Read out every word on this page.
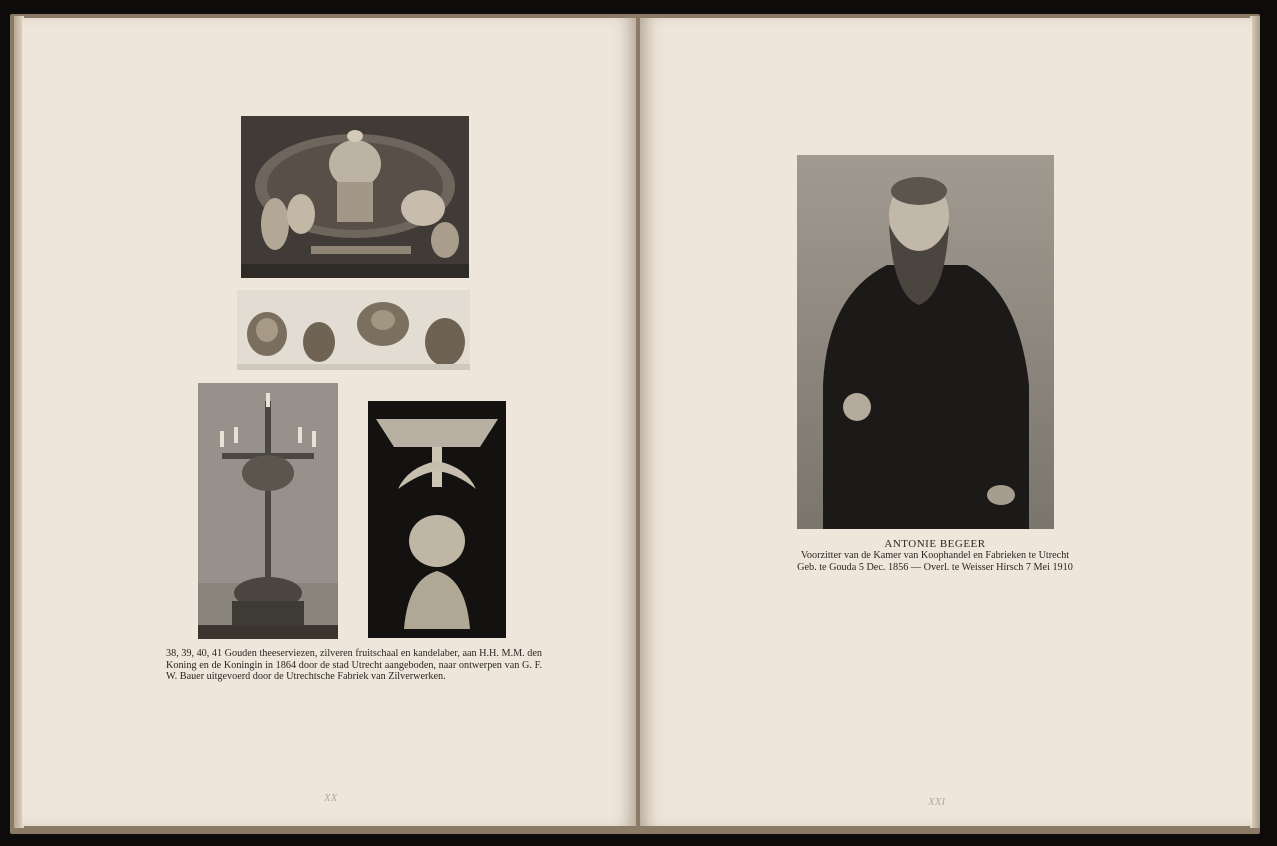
38, 39, 40, 41 Gouden theeserviezen, zilveren fruitschaal en kandelaber, aan H.H. M.M. den Koning en de Koningin in 1864 door de stad Utrecht aangeboden, naar ontwerpen van G. F. W. Bauer uitgevoerd door de Utrechtsche Fabriek van Zilverwerken.
XX
ANTONIE BEGEER
Voorzitter van de Kamer van Koophandel en Fabrieken te Utrecht
Geb. te Gouda 5 Dec. 1856 — Overl. te Weisser Hirsch 7 Mei 1910
XXI
